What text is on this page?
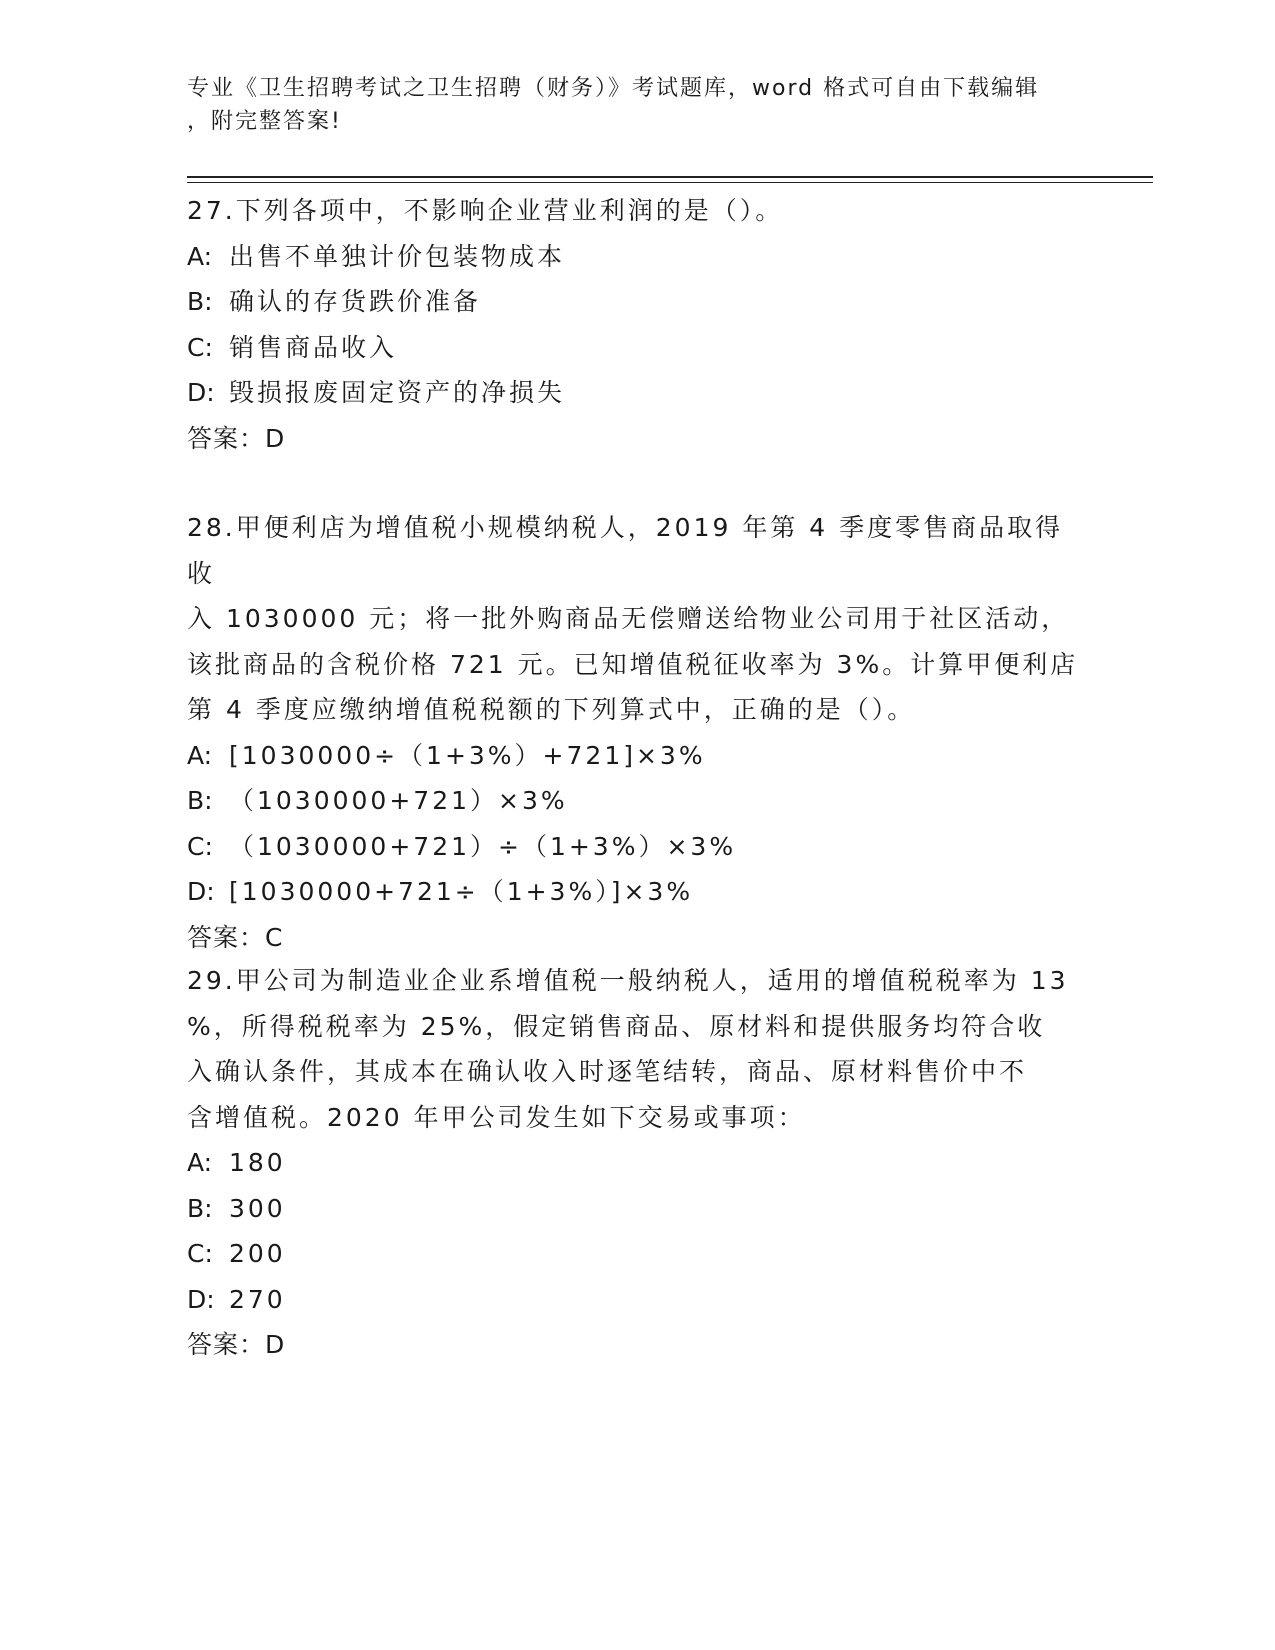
专业《卫生招聘考试之卫生招聘（财务）》考试题库，word 格式可自由下载编辑
，附完整答案!

27.下列各项中，不影响企业营业利润的是（）。

A: 出售不单独计价包装物成本

B: 确认的存货跌价准备

C: 销售商品收入

D: 毁损报废固定资产的净损失

答案：D

28.甲便利店为增值税小规模纳税人，2019 年第 4 季度零售商品取得收

入 1030000 元；将一批外购商品无偿赠送给物业公司用于社区活动，

该批商品的含税价格 721 元。已知增值税征收率为 3%。计算甲便利店

第 4 季度应缴纳增值税税额的下列算式中，正确的是（）。

A: [1030000÷（1+3%）+721]×3%

B: （1030000+721）×3%

C: （1030000+721）÷（1+3%）×3%

D: [1030000+721÷（1+3%）]×3%

答案：C

29.甲公司为制造业企业系增值税一般纳税人，适用的增值税税率为 13

%，所得税税率为 25%，假定销售商品、原材料和提供服务均符合收

入确认条件，其成本在确认收入时逐笔结转，商品、原材料售价中不

含增值税。2020 年甲公司发生如下交易或事项：

A: 180

B: 300

C: 200

D: 270

答案：D
